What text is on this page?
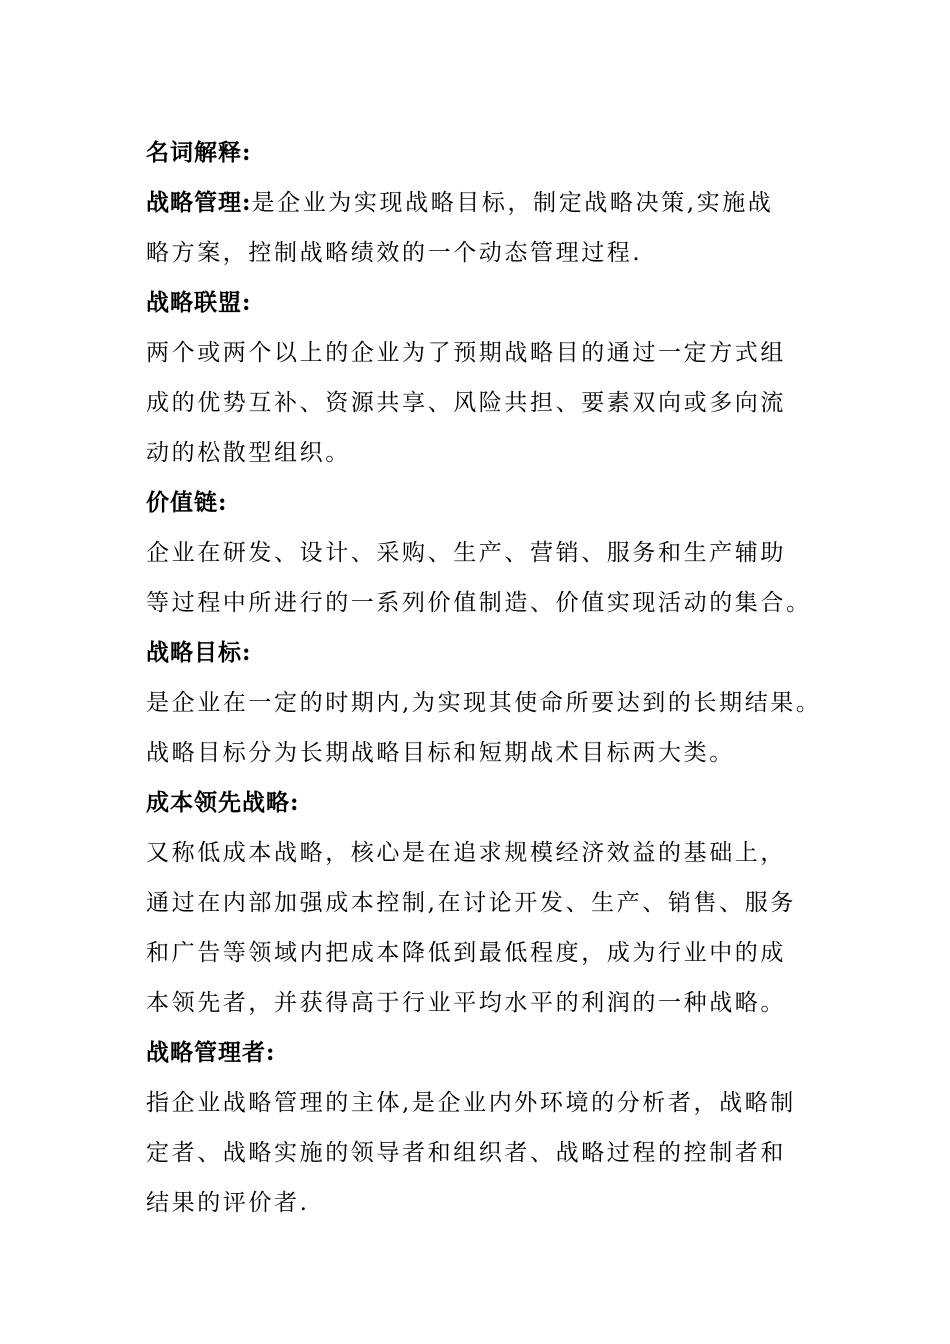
名词解释:
战略管理:是企业为实现战略目标，制定战略决策,实施战
略方案，控制战略绩效的一个动态管理过程.
战略联盟:
两个或两个以上的企业为了预期战略目的通过一定方式组
成的优势互补、资源共享、风险共担、要素双向或多向流
动的松散型组织。
价值链:
企业在研发、设计、采购、生产、营销、服务和生产辅助
等过程中所进行的一系列价值制造、价值实现活动的集合。
战略目标:
是企业在一定的时期内,为实现其使命所要达到的长期结果。
战略目标分为长期战略目标和短期战术目标两大类。
成本领先战略:
又称低成本战略，核心是在追求规模经济效益的基础上，
通过在内部加强成本控制,在讨论开发、生产、销售、服务
和广告等领域内把成本降低到最低程度，成为行业中的成
本领先者，并获得高于行业平均水平的利润的一种战略。
战略管理者:
指企业战略管理的主体,是企业内外环境的分析者，战略制
定者、战略实施的领导者和组织者、战略过程的控制者和
结果的评价者.
